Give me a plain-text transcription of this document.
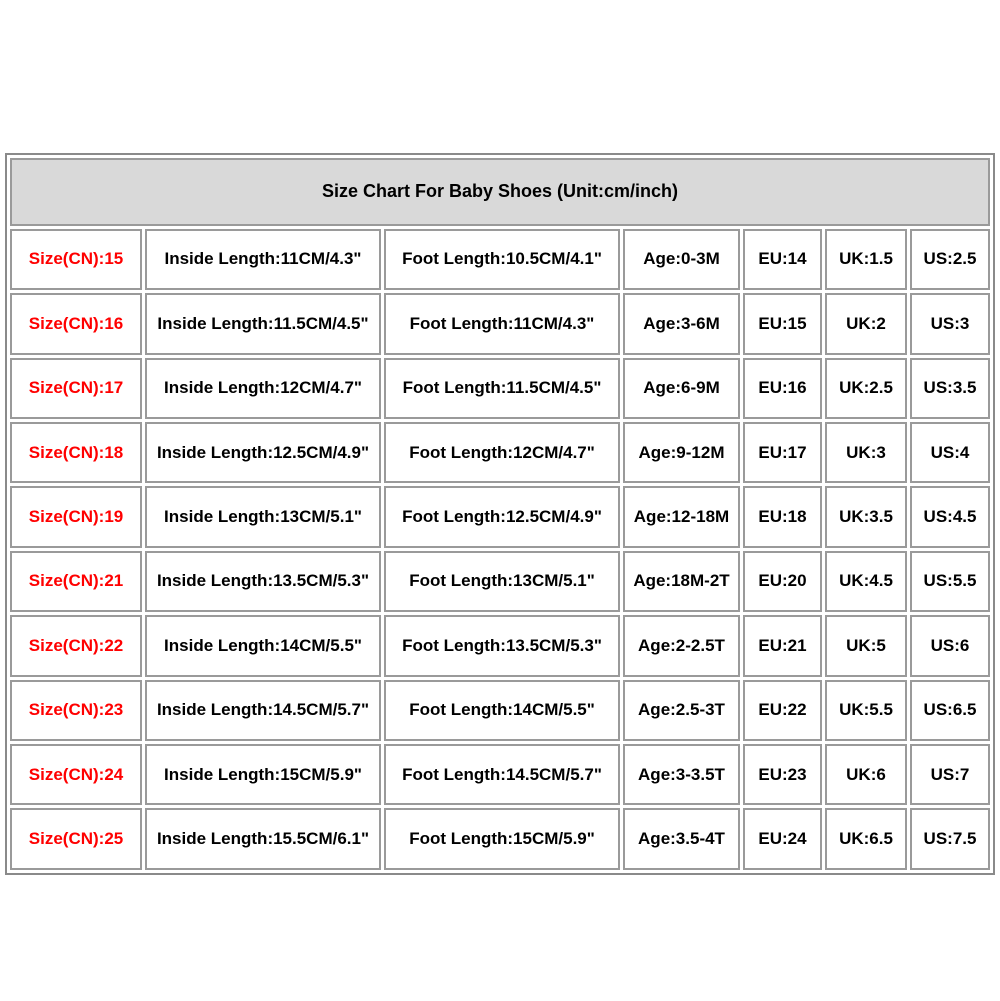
Size Chart For Baby Shoes (Unit:cm/inch)						
Size(CN):15	Inside Length:11CM/4.3"	Foot Length:10.5CM/4.1"	Age:0-3M	EU:14	UK:1.5	US:2.5
Size(CN):16	Inside Length:11.5CM/4.5"	Foot Length:11CM/4.3"	Age:3-6M	EU:15	UK:2	US:3
Size(CN):17	Inside Length:12CM/4.7"	Foot Length:11.5CM/4.5"	Age:6-9M	EU:16	UK:2.5	US:3.5
Size(CN):18	Inside Length:12.5CM/4.9"	Foot Length:12CM/4.7"	Age:9-12M	EU:17	UK:3	US:4
Size(CN):19	Inside Length:13CM/5.1"	Foot Length:12.5CM/4.9"	Age:12-18M	EU:18	UK:3.5	US:4.5
Size(CN):21	Inside Length:13.5CM/5.3"	Foot Length:13CM/5.1"	Age:18M-2T	EU:20	UK:4.5	US:5.5
Size(CN):22	Inside Length:14CM/5.5"	Foot Length:13.5CM/5.3"	Age:2-2.5T	EU:21	UK:5	US:6
Size(CN):23	Inside Length:14.5CM/5.7"	Foot Length:14CM/5.5"	Age:2.5-3T	EU:22	UK:5.5	US:6.5
Size(CN):24	Inside Length:15CM/5.9"	Foot Length:14.5CM/5.7"	Age:3-3.5T	EU:23	UK:6	US:7
Size(CN):25	Inside Length:15.5CM/6.1"	Foot Length:15CM/5.9"	Age:3.5-4T	EU:24	UK:6.5	US:7.5
